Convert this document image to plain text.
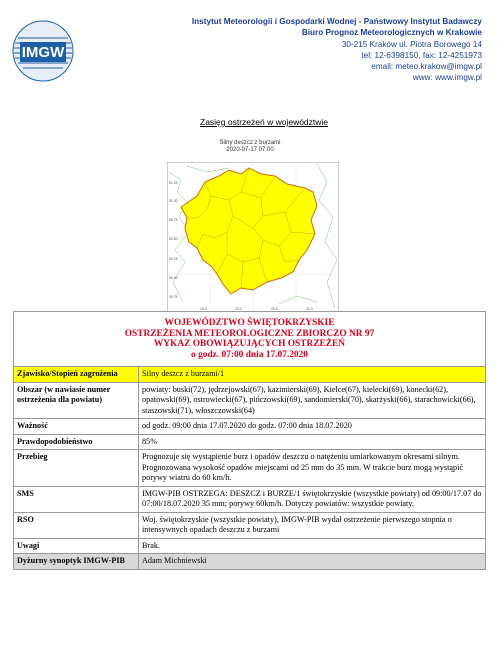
IMGW
Instytut Meteorologii i Gospodarki Wodnej - Państwowy Instytut Badawczy
Biuro Prognoz Meteorologicznych w Krakowie
30-215 Kraków ul. Piotra Borowego 14
tel: 12-6398150, fax: 12-4251973
email: meteo.krakow@imgw.pl
www: www.imgw.pl
Zasięg ostrzeżeń w województwie
Silny deszcz z burzami
2020-07-17 07:00
51.25
51.00
50.75
50.50
50.25
50.00
49.75
19.5	20.0	20.5	21.0
WOJEWÓDZTWO ŚWIĘTOKRZYSKIE
OSTRZEŻENIA METEOROLOGICZNE ZBIORCZO NR 97
WYKAZ OBOWIĄZUJĄCYCH OSTRZEŻEŃ
o godz. 07:00 dnia 17.07.2020	

Zjawisko/Stopień zagrożenia	Silny deszcz z burzami/1
Obszar (w nawiasie numer ostrzeżenia dla powiatu)	powiaty: buski(72), jędrzejowski(67), kazimierski(69), Kielce(67), kielecki(69), konecki(62), opatowski(69), ostrowiecki(67), pińczowski(69), sandomierski(70), skarżyski(66), starachowicki(66), staszowski(71), włoszczowski(64)
Ważność	od godz. 09:00 dnia 17.07.2020 do godz. 07:00 dnia 18.07.2020
Prawdopodobieństwo	85%
Przebieg	Prognozuje się wystąpienie burz i opadów deszczu o natężeniu umiarkowanym okresami silnym. Prognozowana wysokość opadów miejscami od 25 mm do 35 mm. W trakcie burz mogą wystąpić porywy wiatru do 60 km/h.
SMS	IMGW-PIB OSTRZEGA: DESZCZ i BURZE/1 świętokrzyskie (wszystkie powiaty) od 09:00/17.07 do 07:00/18.07.2020 35 mm; porywy 60km/h. Dotyczy powiatów: wszystkie powiaty.
RSO	Woj. świętokrzyskie (wszystkie powiaty), IMGW-PIB wydał ostrzeżenie pierwszego stopnia o intensywnych opadach deszczu z burzami
Uwagi	Brak.
Dyżurny synoptyk IMGW-PIB	Adam Michniewski
